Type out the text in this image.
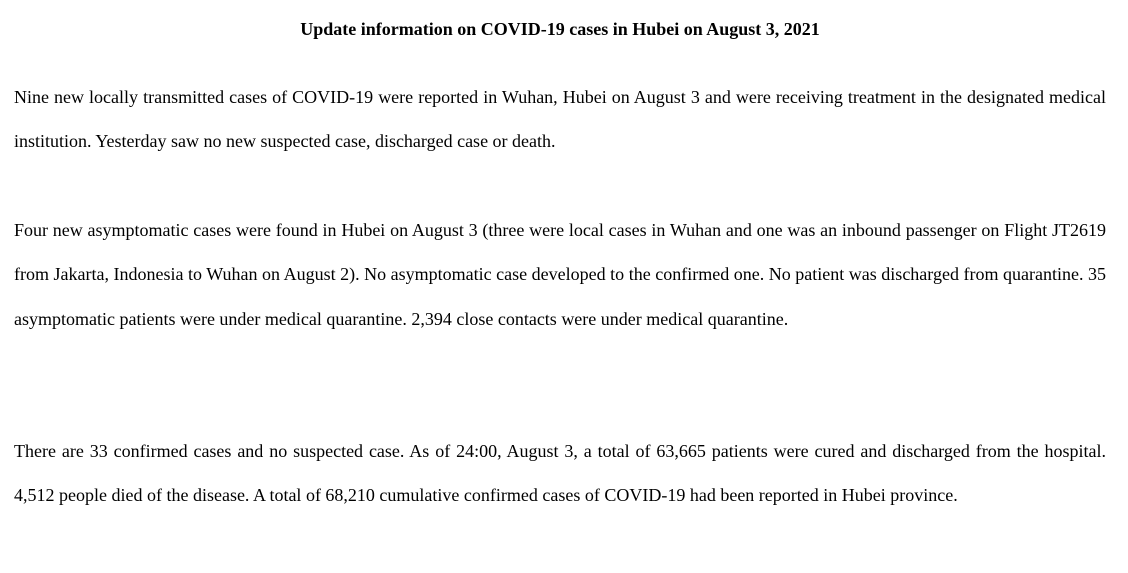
Update information on COVID-19 cases in Hubei on August 3, 2021

Nine new locally transmitted cases of COVID-19 were reported in Wuhan, Hubei on August 3 and were receiving treatment in the designated medical institution. Yesterday saw no new suspected case, discharged case or death.

Four new asymptomatic cases were found in Hubei on August 3 (three were local cases in Wuhan and one was an inbound passenger on Flight JT2619 from Jakarta, Indonesia to Wuhan on August 2). No asymptomatic case developed to the confirmed one. No patient was discharged from quarantine. 35 asymptomatic patients were under medical quarantine. 2,394 close contacts were under medical quarantine.

There are 33 confirmed cases and no suspected case. As of 24:00, August 3, a total of 63,665 patients were cured and discharged from the hospital. 4,512 people died of the disease. A total of 68,210 cumulative confirmed cases of COVID-19 had been reported in Hubei province.
